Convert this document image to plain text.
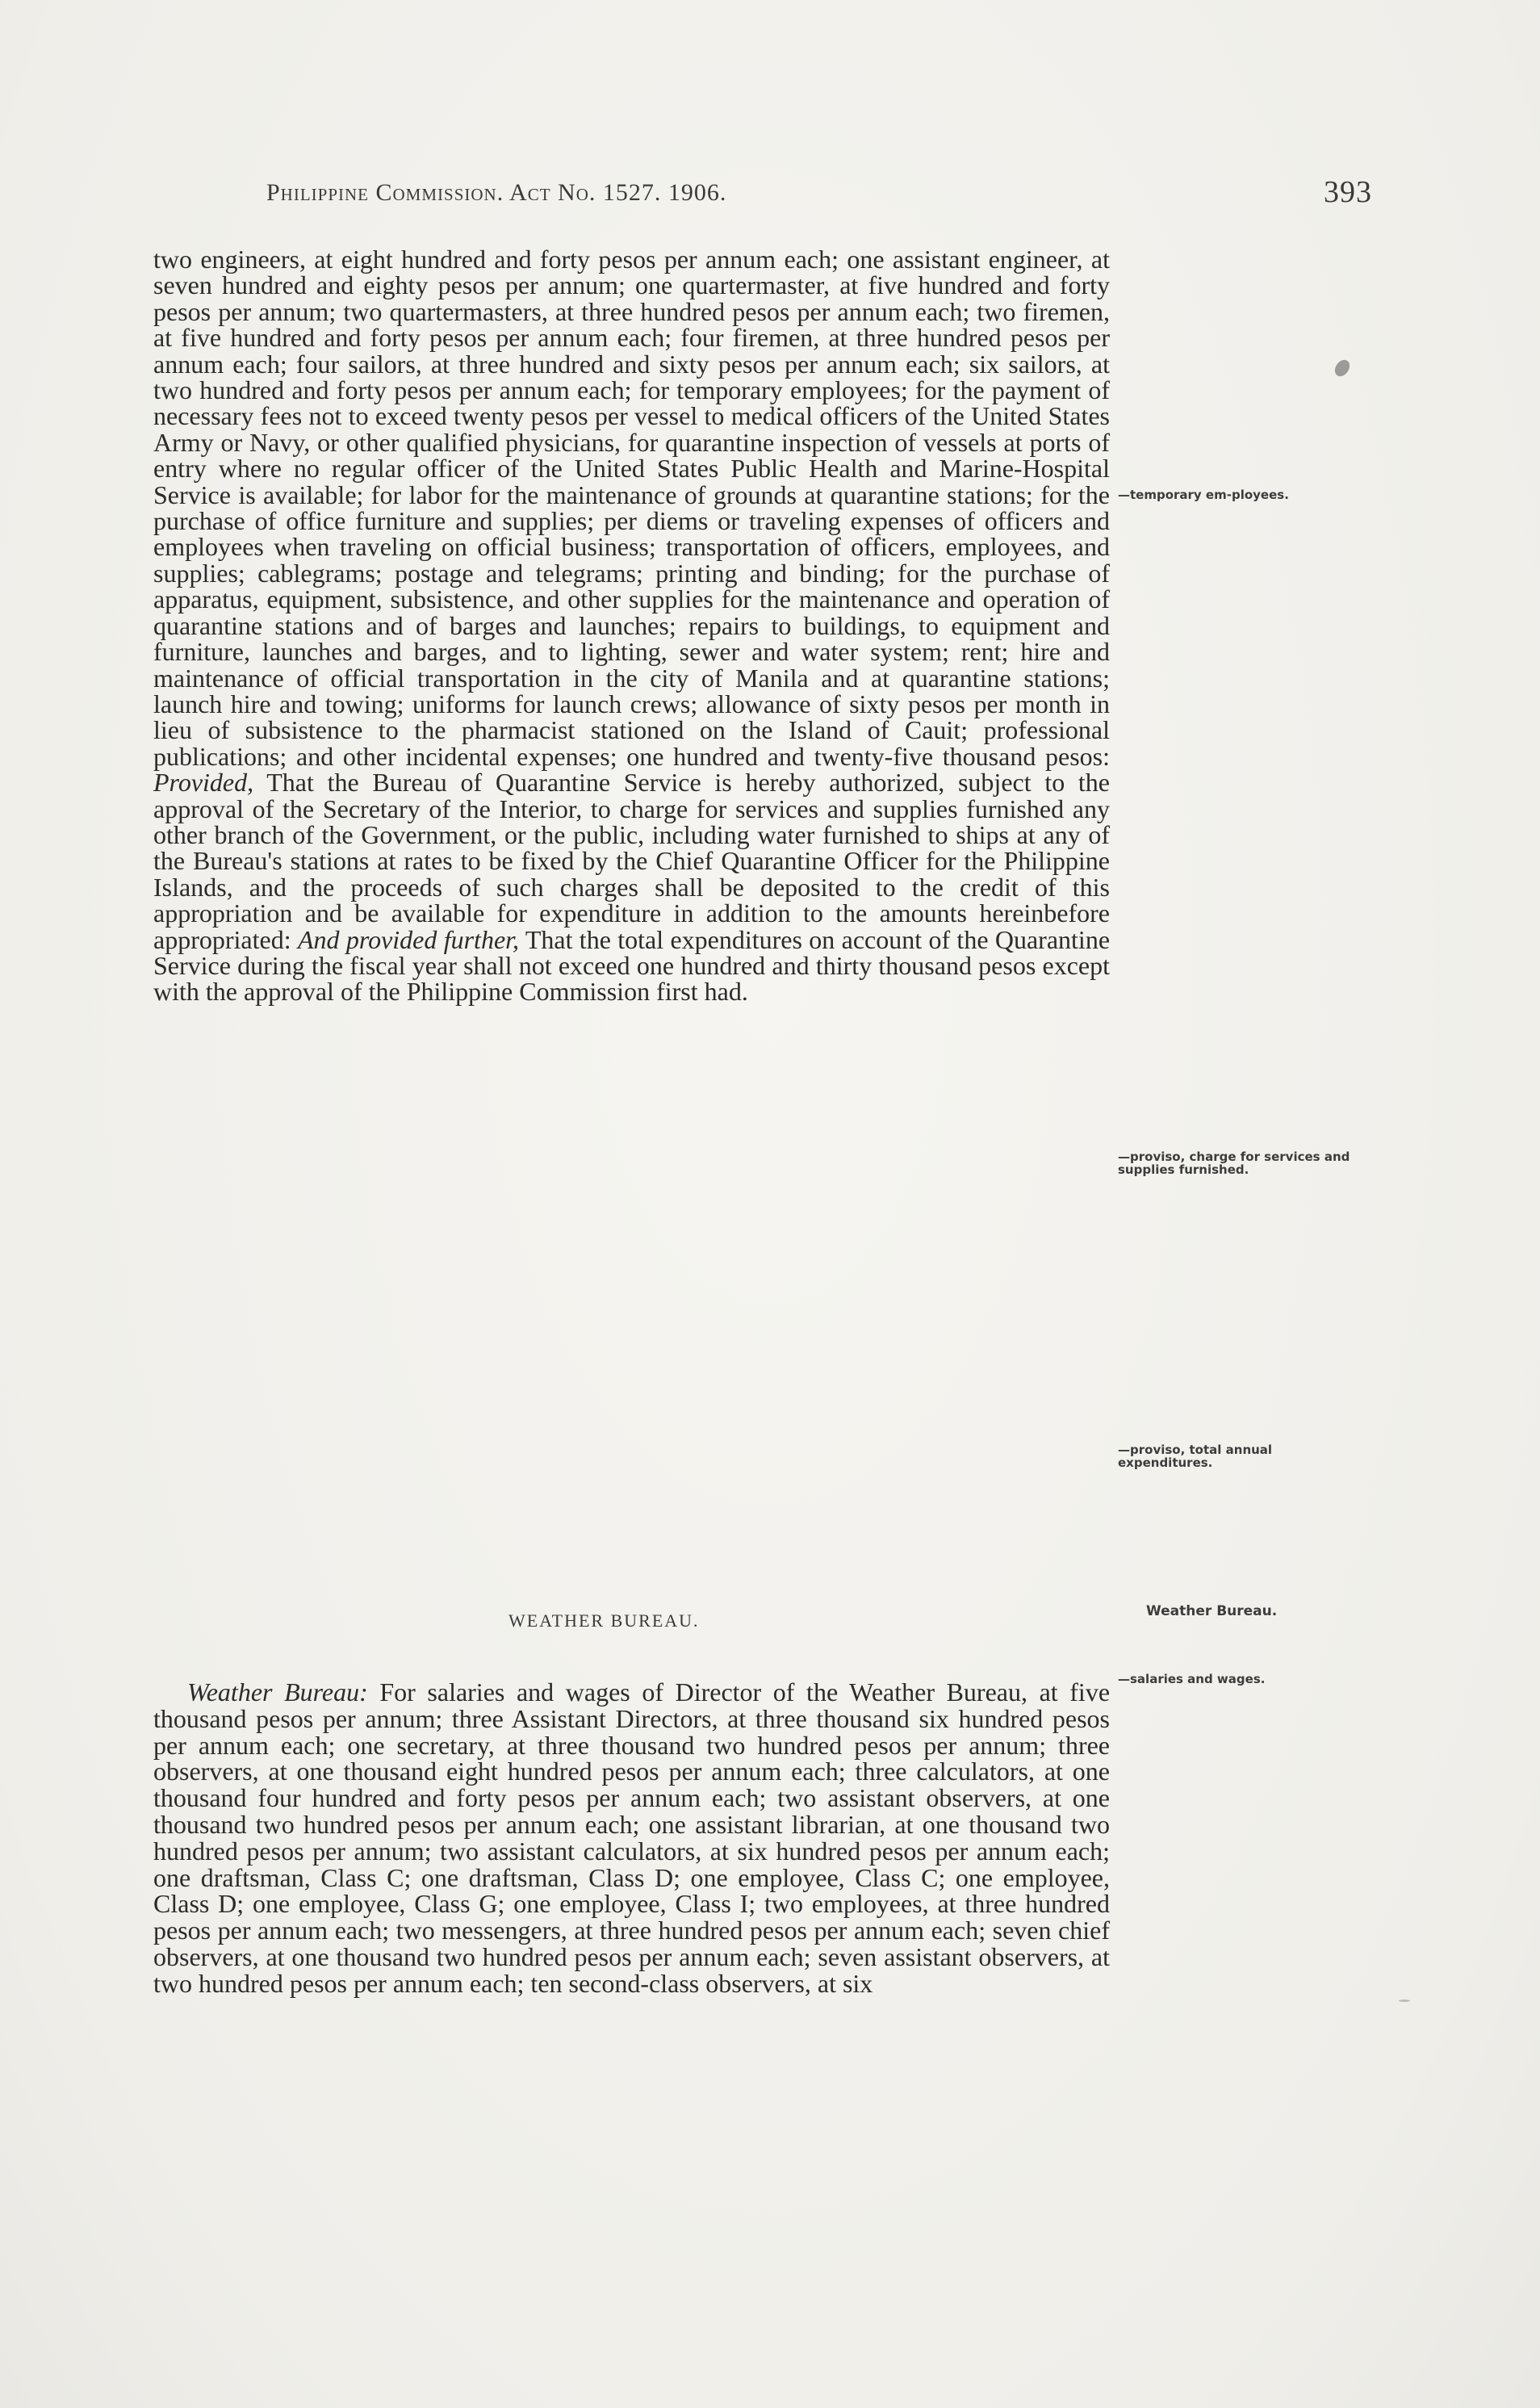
Philippine Commission. Act No. 1527. 1906.	393

two engineers, at eight hundred and forty pesos per annum each; one assistant engineer, at seven hundred and eighty pesos per annum; one quartermaster, at five hundred and forty pesos per annum; two quartermasters, at three hundred pesos per annum each; two firemen, at five hundred and forty pesos per annum each; four firemen, at three hundred pesos per annum each; four sailors, at three hundred and sixty pesos per annum each; six sailors, at two hundred and forty pesos per annum each; for temporary employees; for the payment of necessary fees not to exceed twenty pesos per vessel to medical officers of the United States Army or Navy, or other qualified physicians, for quarantine inspection of vessels at ports of entry where no regular officer of the United States Public Health and Marine-Hospital Service is available; for labor for the maintenance of grounds at quarantine stations; for the purchase of office furniture and supplies; per diems or traveling expenses of officers and employees when traveling on official business; transportation of officers, employees, and supplies; cablegrams; postage and telegrams; printing and binding; for the purchase of apparatus, equipment, subsistence, and other supplies for the maintenance and operation of quarantine stations and of barges and launches; repairs to buildings, to equipment and furniture, launches and barges, and to lighting, sewer and water system; rent; hire and maintenance of official transportation in the city of Manila and at quarantine stations; launch hire and towing; uniforms for launch crews; allowance of sixty pesos per month in lieu of subsistence to the pharmacist stationed on the Island of Cauit; professional publications; and other incidental expenses; one hundred and twenty-five thousand pesos: Provided, That the Bureau of Quarantine Service is hereby authorized, subject to the approval of the Secretary of the Interior, to charge for services and supplies furnished any other branch of the Government, or the public, including water furnished to ships at any of the Bureau's stations at rates to be fixed by the Chief Quarantine Officer for the Philippine Islands, and the proceeds of such charges shall be deposited to the credit of this appropriation and be available for expenditure in addition to the amounts hereinbefore appropriated: And provided further, That the total expenditures on account of the Quarantine Service during the fiscal year shall not exceed one hundred and thirty thousand pesos except with the approval of the Philippine Commission first had.

WEATHER BUREAU.

Weather Bureau: For salaries and wages of Director of the Weather Bureau, at five thousand pesos per annum; three Assistant Directors, at three thousand six hundred pesos per annum each; one secretary, at three thousand two hundred pesos per annum; three observers, at one thousand eight hundred pesos per annum each; three calculators, at one thousand four hundred and forty pesos per annum each; two assistant observers, at one thousand two hundred pesos per annum each; one assistant librarian, at one thousand two hundred pesos per annum; two assistant calculators, at six hundred pesos per annum each; one draftsman, Class C; one draftsman, Class D; one employee, Class C; one employee, Class D; one employee, Class G; one employee, Class I; two employees, at three hundred pesos per annum each; two messengers, at three hundred pesos per annum each; seven chief observers, at one thousand two hundred pesos per annum each; seven assistant observers, at two hundred pesos per annum each; ten second-class observers, at six

—temporary em-ployees.
—proviso, charge for services and supplies furnished.
—proviso, total annual expenditures.
Weather Bureau.
—salaries and wages.
